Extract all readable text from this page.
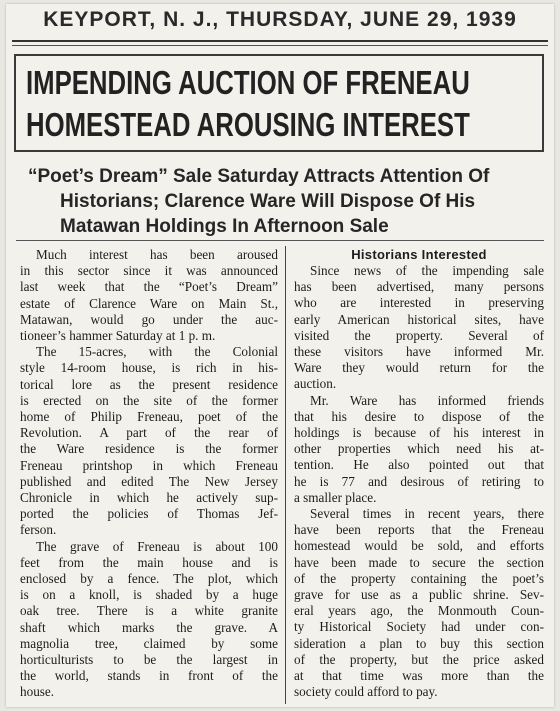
KEYPORT, N. J., THURSDAY, JUNE 29, 1939
IMPENDING AUCTION OF FRENEAU
HOMESTEAD AROUSING INTEREST
“Poet’s Dream” Sale Saturday Attracts Attention Of
Historians; Clarence Ware Will Dispose Of His
Matawan Holdings In Afternoon Sale
Much interest has been aroused
in this sector since it was announced
last week that the “Poet’s Dream”
estate of Clarence Ware on Main St.,
Matawan, would go under the auc-
tioneer’s hammer Saturday at 1 p. m.
The 15-acres, with the Colonial
style 14-room house, is rich in his-
torical lore as the present residence
is erected on the site of the former
home of Philip Freneau, poet of the
Revolution. A part of the rear of
the Ware residence is the former
Freneau printshop in which Freneau
published and edited The New Jersey
Chronicle in which he actively sup-
ported the policies of Thomas Jef-
ferson.
The grave of Freneau is about 100
feet from the main house and is
enclosed by a fence. The plot, which
is on a knoll, is shaded by a huge
oak tree. There is a white granite
shaft which marks the grave. A
magnolia tree, claimed by some
horticulturists to be the largest in
the world, stands in front of the
house.
Historians Interested
Since news of the impending sale
has been advertised, many persons
who are interested in preserving
early American historical sites, have
visited the property. Several of
these visitors have informed Mr.
Ware they would return for the
auction.
Mr. Ware has informed friends
that his desire to dispose of the
holdings is because of his interest in
other properties which need his at-
tention. He also pointed out that
he is 77 and desirous of retiring to
a smaller place.
Several times in recent years, there
have been reports that the Freneau
homestead would be sold, and efforts
have been made to secure the section
of the property containing the poet’s
grave for use as a public shrine. Sev-
eral years ago, the Monmouth Coun-
ty Historical Society had under con-
sideration a plan to buy this section
of the property, but the price asked
at that time was more than the
society could afford to pay.
